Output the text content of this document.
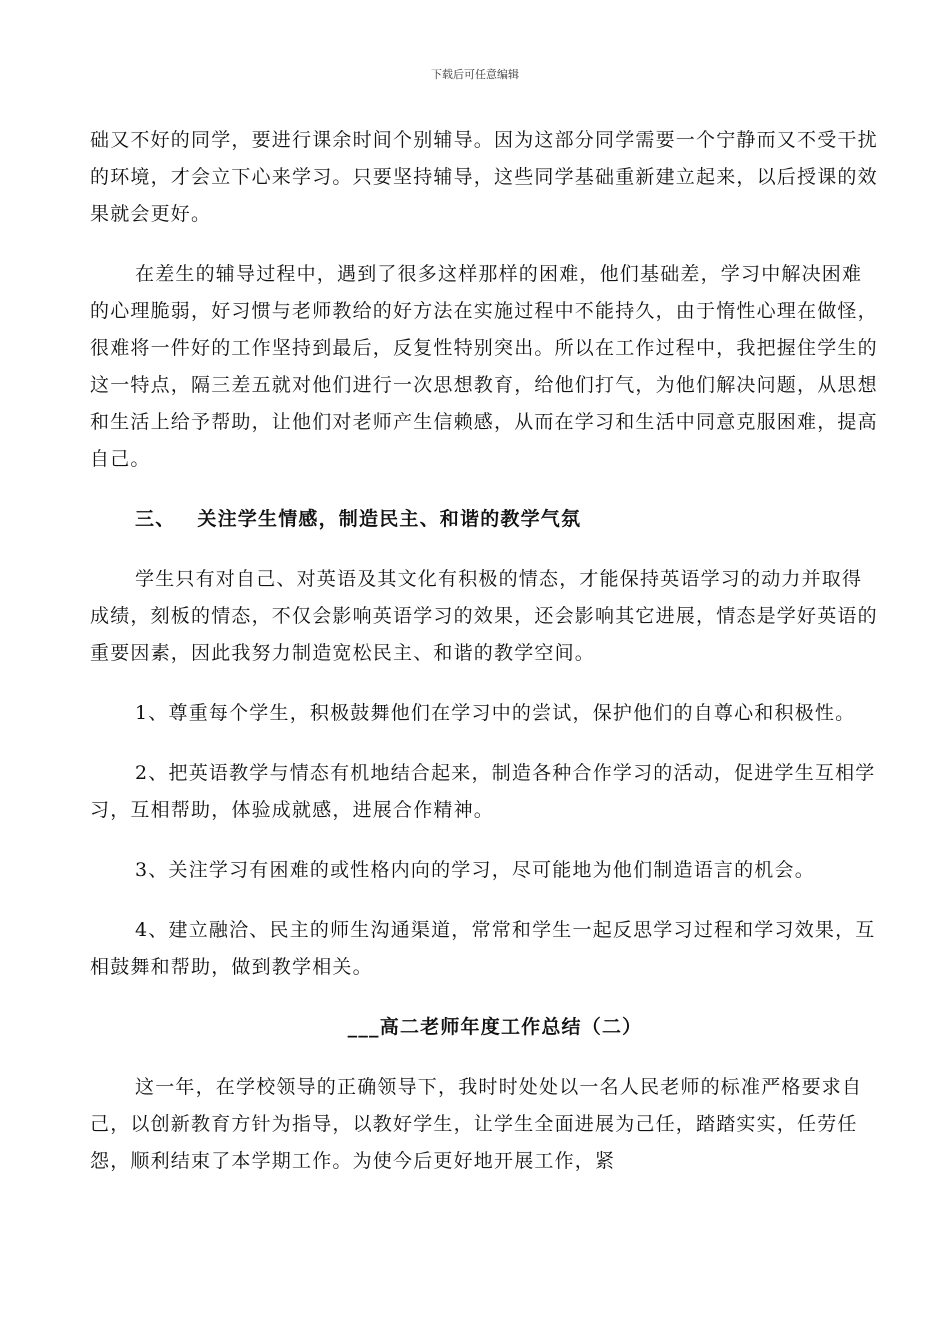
下载后可任意编辑

础又不好的同学，要进行课余时间个别辅导。因为这部分同学需要一个宁静而又不受干扰的环境，才会立下心来学习。只要坚持辅导，这些同学基础重新建立起来，以后授课的效果就会更好。

在差生的辅导过程中，遇到了很多这样那样的困难，他们基础差，学习中解决困难的心理脆弱，好习惯与老师教给的好方法在实施过程中不能持久，由于惰性心理在做怪，很难将一件好的工作坚持到最后，反复性特别突出。所以在工作过程中，我把握住学生的这一特点，隔三差五就对他们进行一次思想教育，给他们打气，为他们解决问题，从思想和生活上给予帮助，让他们对老师产生信赖感，从而在学习和生活中同意克服困难，提高自己。

三、 关注学生情感，制造民主、和谐的教学气氛

学生只有对自己、对英语及其文化有积极的情态，才能保持英语学习的动力并取得成绩，刻板的情态，不仅会影响英语学习的效果，还会影响其它进展，情态是学好英语的重要因素，因此我努力制造宽松民主、和谐的教学空间。

1、尊重每个学生，积极鼓舞他们在学习中的尝试，保护他们的自尊心和积极性。

2、把英语教学与情态有机地结合起来，制造各种合作学习的活动，促进学生互相学习，互相帮助，体验成就感，进展合作精神。

3、关注学习有困难的或性格内向的学习，尽可能地为他们制造语言的机会。

4、建立融洽、民主的师生沟通渠道，常常和学生一起反思学习过程和学习效果，互相鼓舞和帮助，做到教学相关。

___高二老师年度工作总结（二）

这一年，在学校领导的正确领导下，我时时处处以一名人民老师的标准严格要求自己，以创新教育方针为指导，以教好学生，让学生全面进展为己任，踏踏实实，任劳任怨，顺利结束了本学期工作。为使今后更好地开展工作，紧
